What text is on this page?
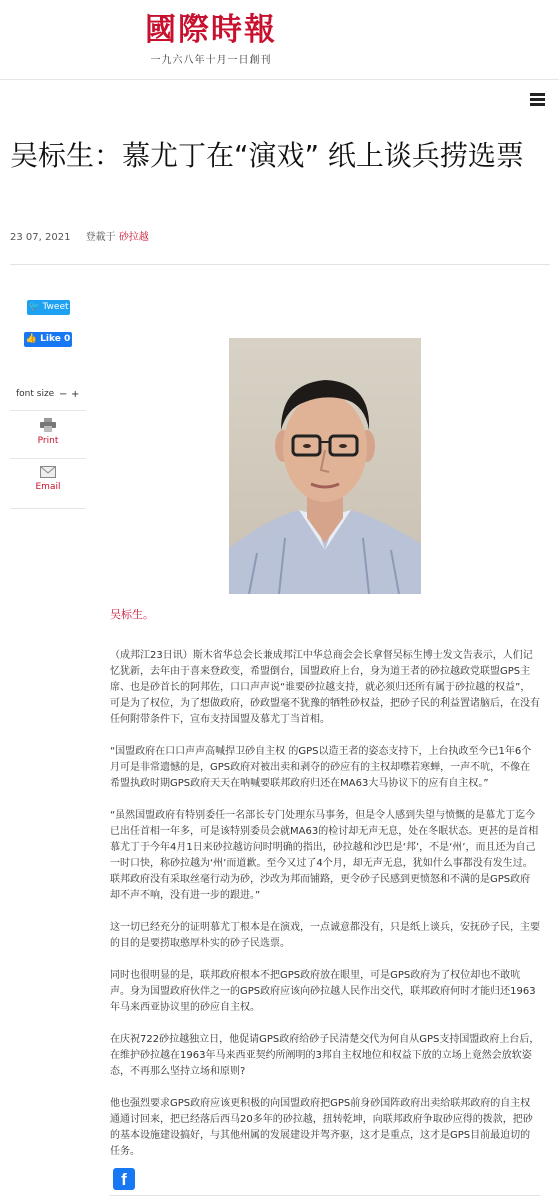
國際時報
一九六八年十月一日創刊
吴标生：慕尤丁在“演戏” 纸上谈兵捞选票
23 07, 2021 登載于 砂拉越
🐦 Tweet
👍 Like 0
font size − +
Print
Email
吴标生。

（成邦江23日讯）斯木省华总会长兼成邦江中华总商会会长拿督吴标生博士发文告表示，人们记忆犹新，去年由于喜来登政变，希盟倒台，国盟政府上台，身为道王者的砂拉越政党联盟GPS主席、也是砂首长的阿邦佐，口口声声说“谁要砂拉越支持，就必须归还所有属于砂拉越的权益”，可是为了权位，为了想做政府，砂政盟毫不犹豫的牺牲砂权益，把砂子民的利益置诸脑后，在没有任何附带条件下，宣布支持国盟及慕尤丁当首相。

“国盟政府在口口声声高喊捍卫砂自主权 的GPS以造王者的姿态支持下，上台执政至今已1年6个月可是非常遗憾的是，GPS政府对被出卖和剥夺的砂应有的主权却噤若寒蝉，一声不吭，不像在希盟执政时期GPS政府天天在呐喊要联邦政府归还在MA63大马协议下的应有自主权。”

“虽然国盟政府有特别委任一名部长专门处理东马事务，但是令人感到失望与愤慨的是慕尤丁迄今已出任首相一年多，可是该特别委员会就MA63的检讨却无声无息，处在冬眠状态。更甚的是首相慕尤丁于今年4月1日来砂拉越访问时明确的指出，砂拉越和沙巴是‘邦’，不是‘州’，而且还为自己一时口快，称砂拉越为‘州’而道歉。至今又过了4个月，却无声无息，犹如什么事都没有发生过。联邦政府没有采取丝毫行动为砂，沙改为邦而铺路，更令砂子民感到更愤怒和不满的是GPS政府却不声不响，没有进一步的跟进。”

这一切已经充分的证明慕尤丁根本是在演戏，一点诚意都没有，只是纸上谈兵，安抚砂子民，主要的目的是要捞取憨厚朴实的砂子民选票。

同时也很明显的是，联邦政府根本不把GPS政府放在眼里，可是GPS政府为了权位却也不敢吭声。身为国盟政府伙伴之一的GPS政府应该向砂拉越人民作出交代，联邦政府何时才能归还1963年马来西亚协议里的砂应自主权。

在庆祝722砂拉越独立日，他促请GPS政府给砂子民清楚交代为何自从GPS支持国盟政府上台后，在维护砂拉越在1963年马来西亚契约所阐明的3邦自主权地位和权益下放的立场上竟然会放软姿态，不再那么坚持立场和原则?

他也强烈要求GPS政府应该更积极的向国盟政府把GPS前身砂国阵政府出卖给联邦政府的自主权通通讨回来，把已经落后西马20多年的砂拉越，扭转乾坤，向联邦政府争取砂应得的拨款，把砂的基本设施建设搞好，与其他州属的发展建设并驾齐驱，这才是重点，这才是GPS目前最迫切的任务。

f
